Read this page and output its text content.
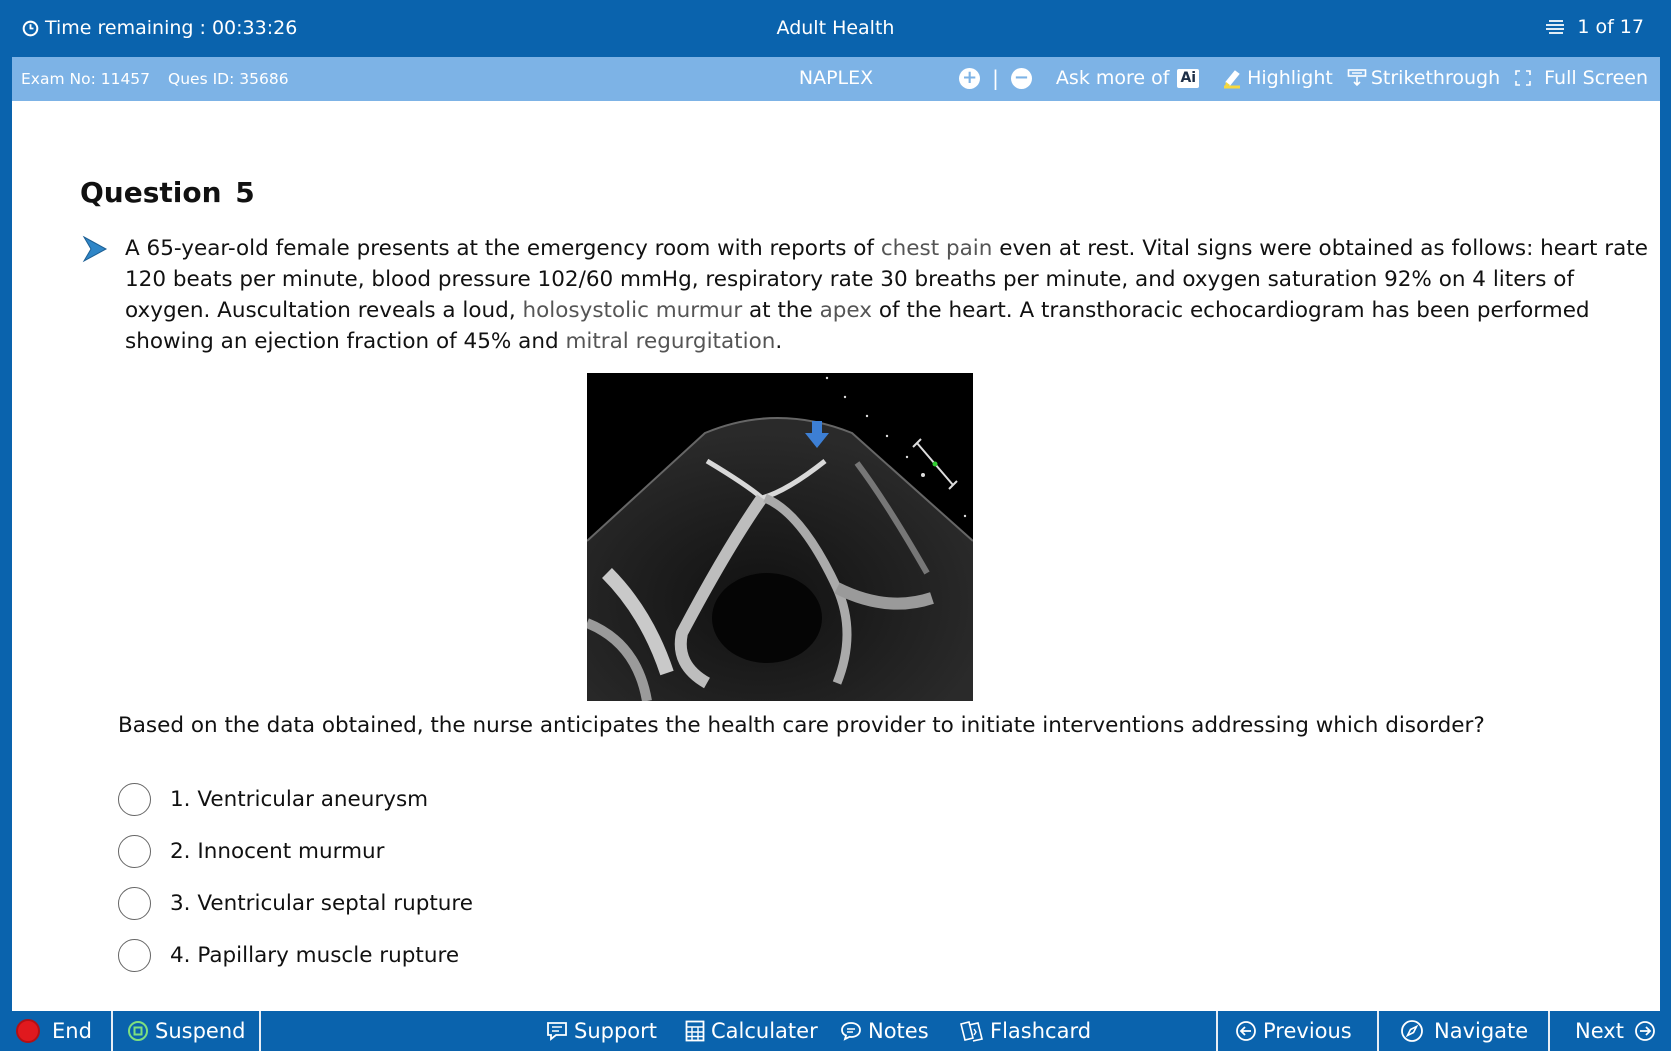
Time remaining : 00:33:26	Adult Health	1 of 17
Exam No: 11457 Ques ID: 35686	NAPLEX	+ | − Ask more of Ai	Highlight Strikethrough Full Screen
Question 5
A 65-year-old female presents at the emergency room with reports of chest pain even at rest. Vital signs were obtained as follows: heart rate 120 beats per minute, blood pressure 102/60 mmHg, respiratory rate 30 breaths per minute, and oxygen saturation 92% on 4 liters of oxygen. Auscultation reveals a loud, holosystolic murmur at the apex of the heart. A transthoracic echocardiogram has been performed showing an ejection fraction of 45% and mitral regurgitation.
Based on the data obtained, the nurse anticipates the health care provider to initiate interventions addressing which disorder?
1. Ventricular aneurysm
2. Innocent murmur
3. Ventricular septal rupture
4. Papillary muscle rupture
End	Suspend	Support	Calculater Notes	Flashcard	Previous	Navigate Next
